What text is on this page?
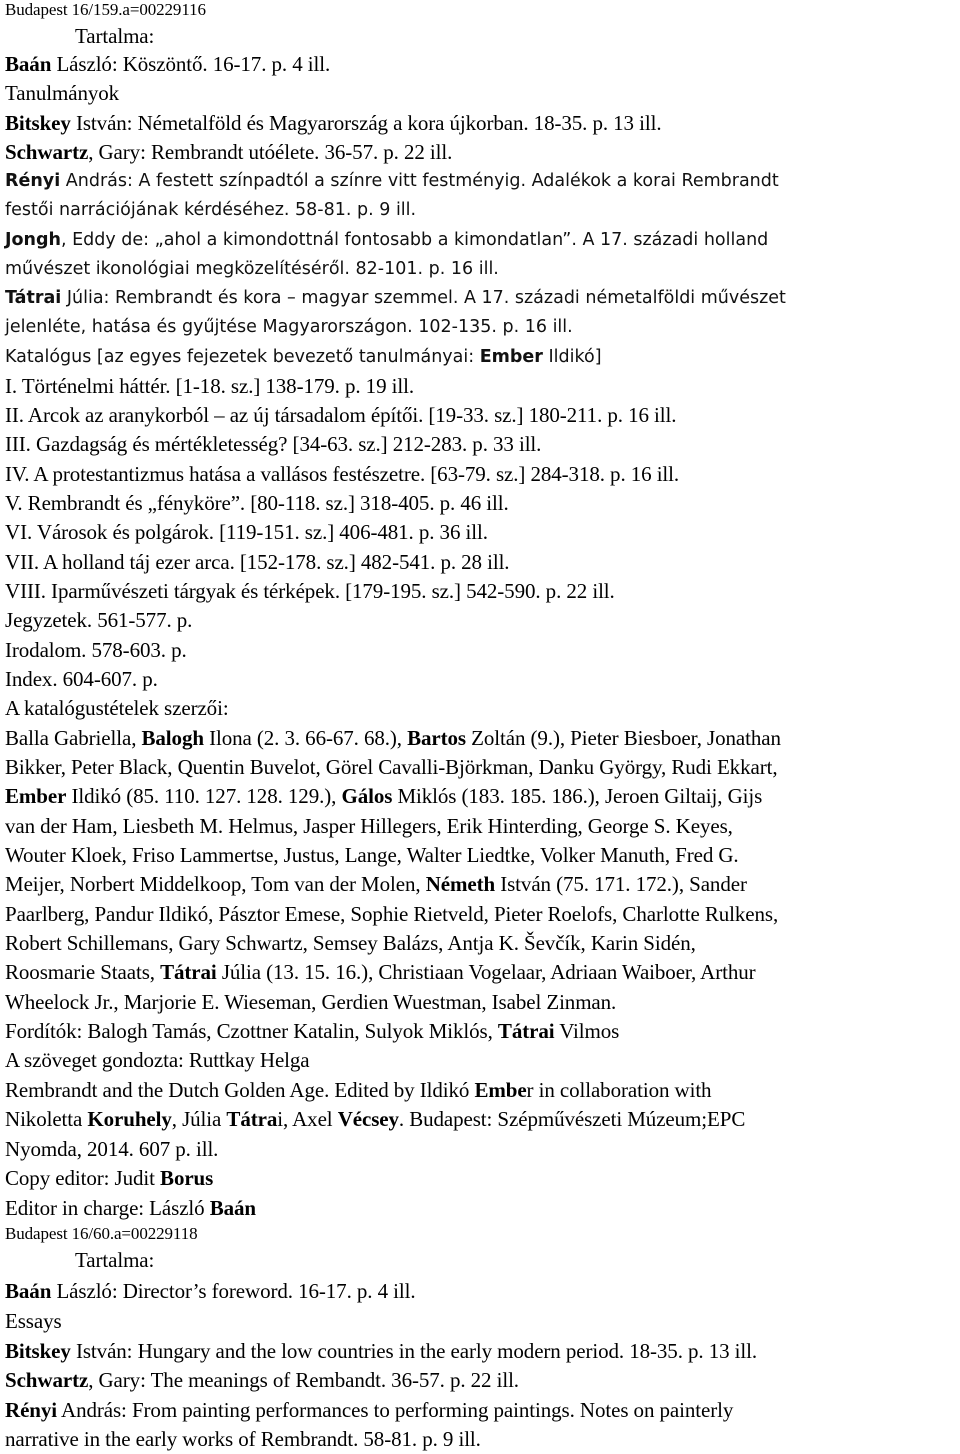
Budapest 16/159.a=00229116
Tartalma:
Baán László: Köszöntő. 16-17. p. 4 ill.
Tanulmányok
Bitskey István: Németalföld és Magyarország a kora újkorban. 18-35. p. 13 ill.
Schwartz, Gary: Rembrandt utóélete. 36-57. p. 22 ill.
Rényi András: A festett színpadtól a színre vitt festményig. Adalékok a korai Rembrandt
festői narrációjának kérdéséhez. 58-81. p. 9 ill.
Jongh, Eddy de: „ahol a kimondottnál fontosabb a kimondatlan”. A 17. századi holland
művészet ikonológiai megközelítéséről. 82-101. p. 16 ill.
Tátrai Júlia: Rembrandt és kora – magyar szemmel. A 17. századi németalföldi művészet
jelenléte, hatása és gyűjtése Magyarországon. 102-135. p. 16 ill.
Katalógus [az egyes fejezetek bevezető tanulmányai: Ember Ildikó]
I. Történelmi háttér. [1-18. sz.] 138-179. p. 19 ill.
II. Arcok az aranykorból – az új társadalom építői. [19-33. sz.] 180-211. p. 16 ill.
III. Gazdagság és mértékletesség? [34-63. sz.] 212-283. p. 33 ill.
IV. A protestantizmus hatása a vallásos festészetre. [63-79. sz.] 284-318. p. 16 ill.
V. Rembrandt és „fényköre”. [80-118. sz.] 318-405. p. 46 ill.
VI. Városok és polgárok. [119-151. sz.] 406-481. p. 36 ill.
VII. A holland táj ezer arca. [152-178. sz.] 482-541. p. 28 ill.
VIII. Iparművészeti tárgyak és térképek. [179-195. sz.] 542-590. p. 22 ill.
Jegyzetek. 561-577. p.
Irodalom. 578-603. p.
Index. 604-607. p.
A katalógustételek szerzői:
Balla Gabriella, Balogh Ilona (2. 3. 66-67. 68.), Bartos Zoltán (9.), Pieter Biesboer, Jonathan
Bikker, Peter Black, Quentin Buvelot, Görel Cavalli-Björkman, Danku György, Rudi Ekkart,
Ember Ildikó (85. 110. 127. 128. 129.), Gálos Miklós (183. 185. 186.), Jeroen Giltaij, Gijs
van der Ham, Liesbeth M. Helmus, Jasper Hillegers, Erik Hinterding, George S. Keyes,
Wouter Kloek, Friso Lammertse, Justus, Lange, Walter Liedtke, Volker Manuth, Fred G.
Meijer, Norbert Middelkoop, Tom van der Molen, Németh István (75. 171. 172.), Sander
Paarlberg, Pandur Ildikó, Pásztor Emese, Sophie Rietveld, Pieter Roelofs, Charlotte Rulkens,
Robert Schillemans, Gary Schwartz, Semsey Balázs, Antja K. Ševčík, Karin Sidén,
Roosmarie Staats, Tátrai Júlia (13. 15. 16.), Christiaan Vogelaar, Adriaan Waiboer, Arthur
Wheelock Jr., Marjorie E. Wieseman, Gerdien Wuestman, Isabel Zinman.
Fordítók: Balogh Tamás, Czottner Katalin, Sulyok Miklós, Tátrai Vilmos
A szöveget gondozta: Ruttkay Helga
Rembrandt and the Dutch Golden Age. Edited by Ildikó Ember in collaboration with
Nikoletta Koruhely, Júlia Tátrai, Axel Vécsey. Budapest: Szépművészeti Múzeum;EPC
Nyomda, 2014. 607 p. ill.
Copy editor: Judit Borus
Editor in charge: László Baán
Budapest 16/60.a=00229118
Tartalma:
Baán László: Director’s foreword. 16-17. p. 4 ill.
Essays
Bitskey István: Hungary and the low countries in the early modern period. 18-35. p. 13 ill.
Schwartz, Gary: The meanings of Rembandt. 36-57. p. 22 ill.
Rényi András: From painting performances to performing paintings. Notes on painterly
narrative in the early works of Rembrandt. 58-81. p. 9 ill.
